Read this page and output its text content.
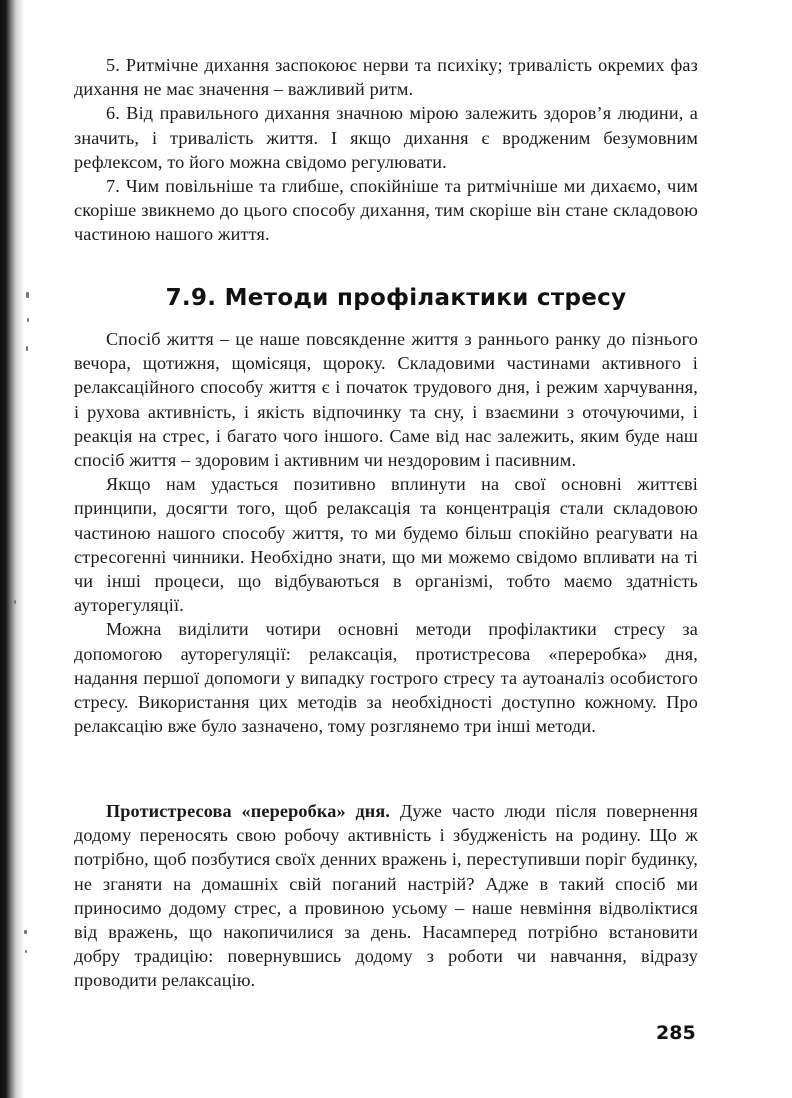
5. Ритмічне дихання заспокоює нерви та психіку; тривалість окремих фаз дихання не має значення – важливий ритм.

6. Від правильного дихання значною мірою залежить здоров’я людини, а значить, і тривалість життя. І якщо дихання є вродженим безумовним рефлексом, то його можна свідомо регулювати.

7. Чим повільніше та глибше, спокійніше та ритмічніше ми дихаємо, чим скоріше звикнемо до цього способу дихання, тим скоріше він стане складовою частиною нашого життя.

7.9. Методи профілактики стресу

Спосіб життя – це наше повсякденне життя з раннього ранку до пізнього вечора, щотижня, щомісяця, щороку. Складовими частинами активного і релаксаційного способу життя є і початок трудового дня, і режим харчування, і рухова активність, і якість відпочинку та сну, і взаємини з оточуючими, і реакція на стрес, і багато чого іншого. Саме від нас залежить, яким буде наш спосіб життя – здоровим і активним чи нездоровим і пасивним.

Якщо нам удасться позитивно вплинути на свої основні життєві принципи, досягти того, щоб релаксація та концентрація стали складовою частиною нашого способу життя, то ми будемо більш спокійно реагувати на стресогенні чинники. Необхідно знати, що ми можемо свідомо впливати на ті чи інші процеси, що відбуваються в організмі, тобто маємо здатність ауторегуляції.

Можна виділити чотири основні методи профілактики стресу за допомогою ауторегуляції: релаксація, протистресова «переробка» дня, надання першої допомоги у випадку гострого стресу та аутоаналіз особистого стресу. Використання цих методів за необхідності доступно кожному. Про релаксацію вже було зазначено, тому розглянемо три інші методи.

Протистресова «переробка» дня. Дуже часто люди після повернення додому переносять свою робочу активність і збудженість на родину. Що ж потрібно, щоб позбутися своїх денних вражень і, переступивши поріг будинку, не зганяти на домашніх свій поганий настрій? Адже в такий спосіб ми приносимо додому стрес, а провиною усьому – наше невміння відволіктися від вражень, що накопичилися за день. Насамперед потрібно встановити добру традицію: повернувшись додому з роботи чи навчання, відразу проводити релаксацію.

285
